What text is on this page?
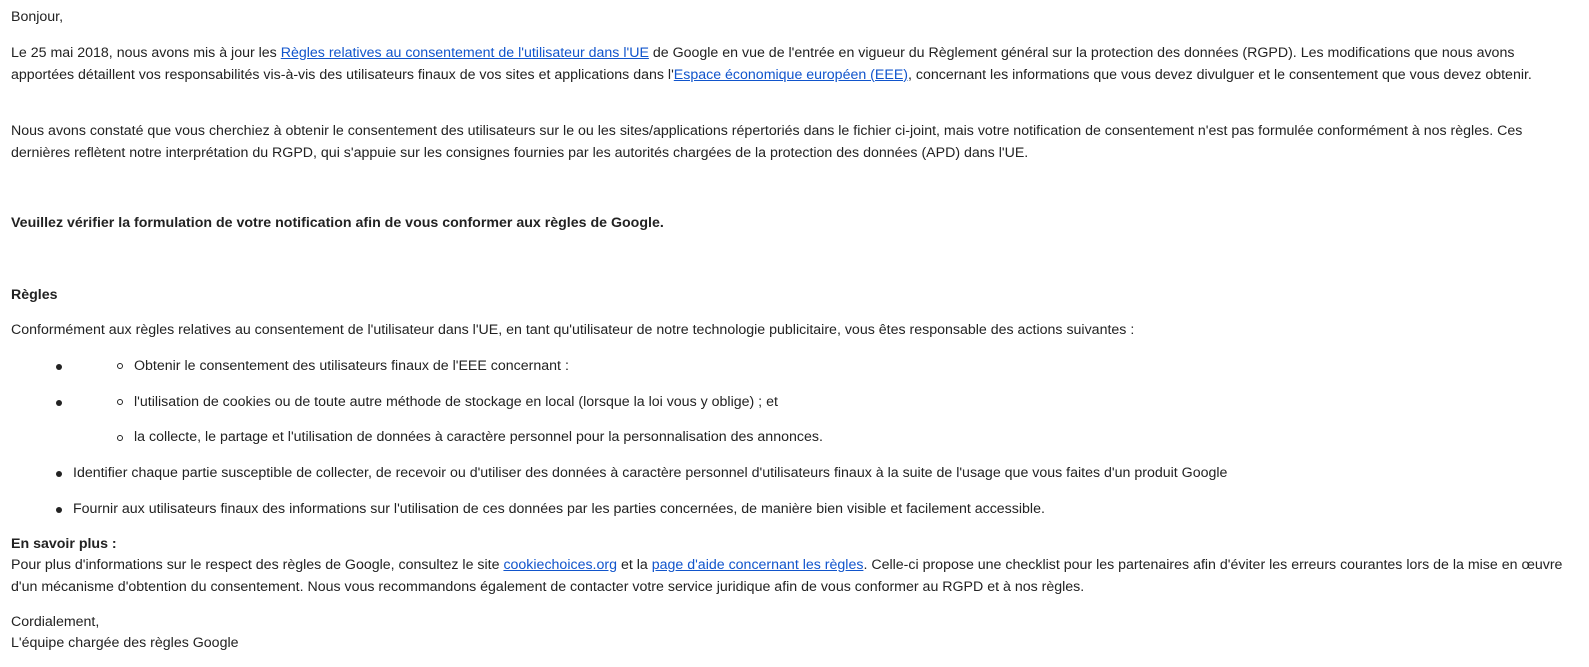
Bonjour,

Le 25 mai 2018, nous avons mis à jour les Règles relatives au consentement de l'utilisateur dans l'UE de Google en vue de l'entrée en vigueur du Règlement général sur la protection des données (RGPD). Les modifications que nous avons apportées détaillent vos responsabilités vis-à-vis des utilisateurs finaux de vos sites et applications dans l'Espace économique européen (EEE), concernant les informations que vous devez divulguer et le consentement que vous devez obtenir.

Nous avons constaté que vous cherchiez à obtenir le consentement des utilisateurs sur le ou les sites/applications répertoriés dans le fichier ci-joint, mais votre notification de consentement n'est pas formulée conformément à nos règles. Ces dernières reflètent notre interprétation du RGPD, qui s'appuie sur les consignes fournies par les autorités chargées de la protection des données (APD) dans l'UE.

Veuillez vérifier la formulation de votre notification afin de vous conformer aux règles de Google.

Règles

Conformément aux règles relatives au consentement de l'utilisateur dans l'UE, en tant qu'utilisateur de notre technologie publicitaire, vous êtes responsable des actions suivantes :

Obtenir le consentement des utilisateurs finaux de l'EEE concernant :

l'utilisation de cookies ou de toute autre méthode de stockage en local (lorsque la loi vous y oblige) ; et

la collecte, le partage et l'utilisation de données à caractère personnel pour la personnalisation des annonces.

Identifier chaque partie susceptible de collecter, de recevoir ou d'utiliser des données à caractère personnel d'utilisateurs finaux à la suite de l'usage que vous faites d'un produit Google

Fournir aux utilisateurs finaux des informations sur l'utilisation de ces données par les parties concernées, de manière bien visible et facilement accessible.

En savoir plus :

Pour plus d'informations sur le respect des règles de Google, consultez le site cookiechoices.org et la page d'aide concernant les règles. Celle-ci propose une checklist pour les partenaires afin d'éviter les erreurs courantes lors de la mise en œuvre d'un mécanisme d'obtention du consentement. Nous vous recommandons également de contacter votre service juridique afin de vous conformer au RGPD et à nos règles.

Cordialement,

L'équipe chargée des règles Google
